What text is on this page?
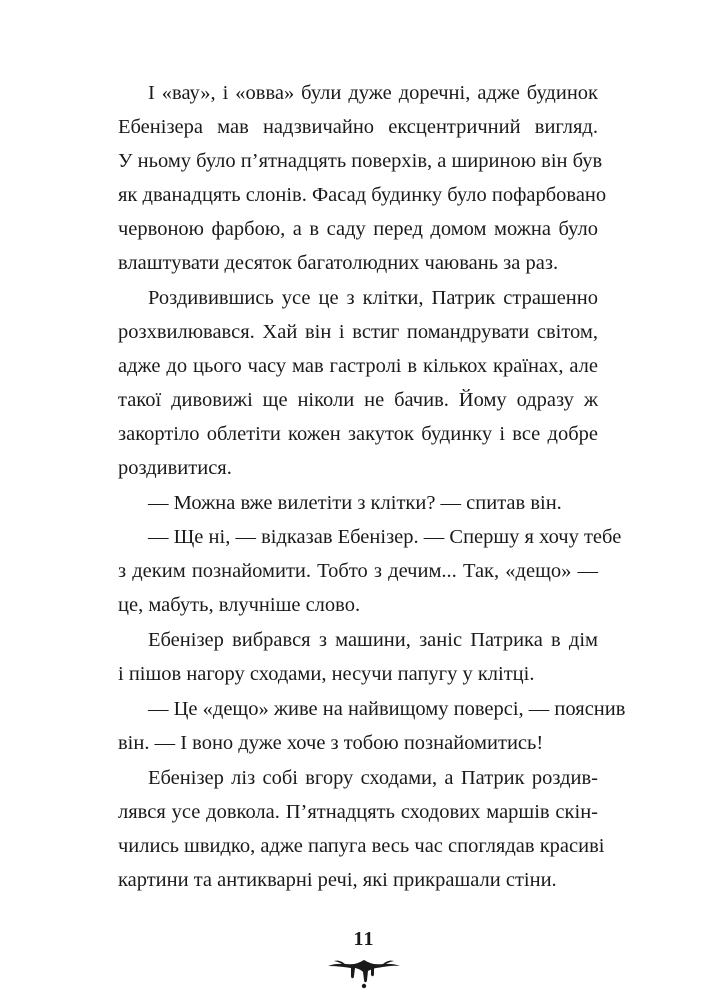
І «вау», і «овва» були дуже доречні, адже будинок
Ебенізера мав надзвичайно ексцентричний вигляд.
У ньому було п’ятнадцять поверхів, а шириною він був
як дванадцять слонів. Фасад будинку було пофарбовано
червоною фарбою, а в саду перед домом можна було
влаштувати десяток багатолюдних чаювань за раз.
Роздивившись усе це з клітки, Патрик страшенно
розхвилювався. Хай він і встиг помандрувати світом,
адже до цього часу мав гастролі в кількох країнах, але
такої дивовижі ще ніколи не бачив. Йому одразу ж
закортіло облетіти кожен закуток будинку і все добре
роздивитися.
— Можна вже вилетіти з клітки? — спитав він.
— Ще ні, — відказав Ебенізер. — Спершу я хочу тебе
з деким познайомити. Тобто з дечим... Так, «дещо» —
це, мабуть, влучніше слово.
Ебенізер вибрався з машини, заніс Патрика в дім
і пішов нагору сходами, несучи папугу у клітці.
— Це «дещо» живе на найвищому поверсі, — пояснив
він. — І воно дуже хоче з тобою познайомитись!
Ебенізер ліз собі вгору сходами, а Патрик роздив-
лявся усе довкола. П’ятнадцять сходових маршів скін-
чились швидко, адже папуга весь час споглядав красиві
картини та антикварні речі, які прикрашали стіни.
11
